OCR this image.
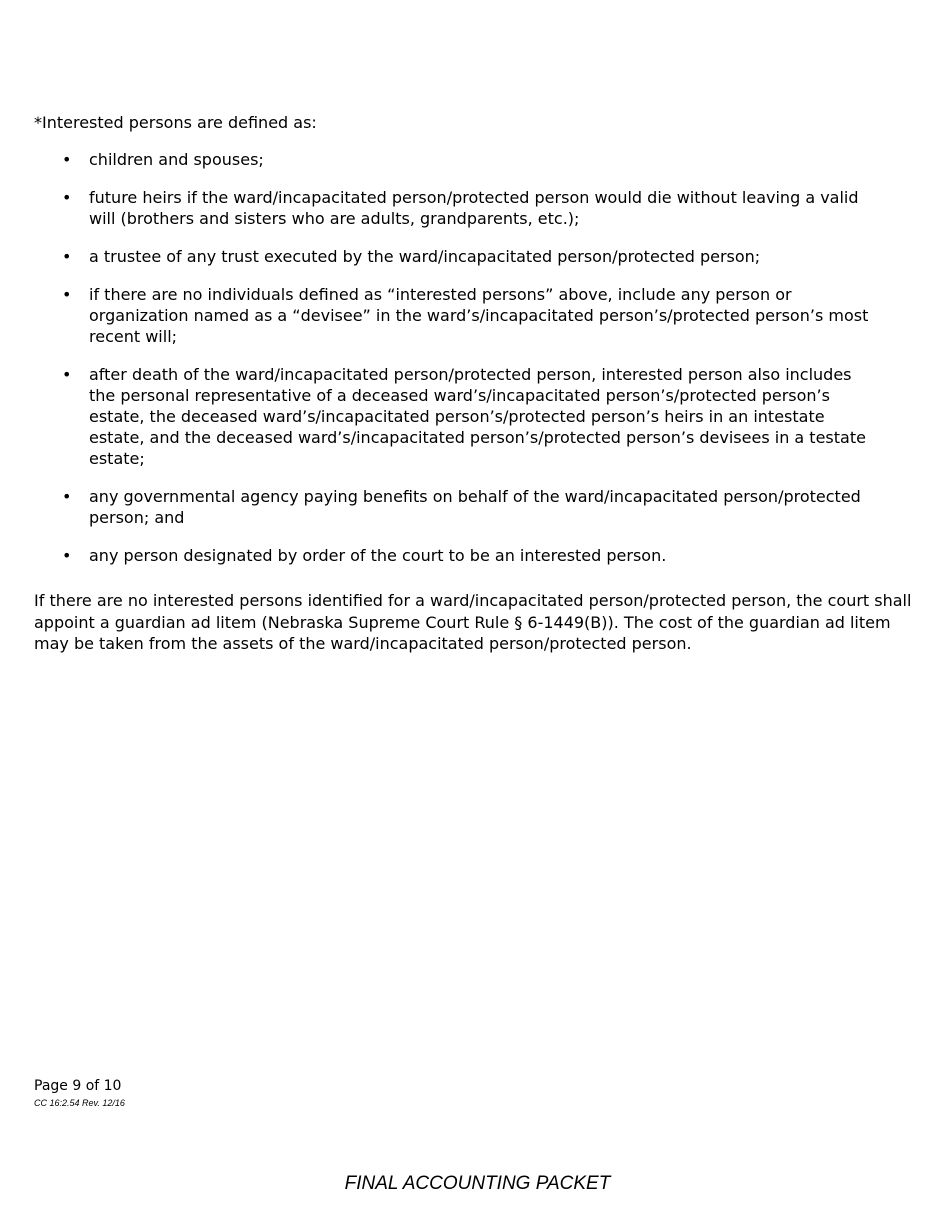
*Interested persons are defined as:

• children and spouses;
• future heirs if the ward/incapacitated person/protected person would die without leaving a valid will (brothers and sisters who are adults, grandparents, etc.);
• a trustee of any trust executed by the ward/incapacitated person/protected person;
• if there are no individuals defined as “interested persons” above, include any person or organization named as a “devisee” in the ward’s/incapacitated person’s/protected person’s most recent will;
• after death of the ward/incapacitated person/protected person, interested person also includes the personal representative of a deceased ward’s/incapacitated person’s/protected person’s estate, the deceased ward’s/incapacitated person’s/protected person’s heirs in an intestate estate, and the deceased ward’s/incapacitated person’s/protected person’s devisees in a testate estate;
• any governmental agency paying benefits on behalf of the ward/incapacitated person/protected person; and
• any person designated by order of the court to be an interested person.

If there are no interested persons identified for a ward/incapacitated person/protected person, the court shall appoint a guardian ad litem (Nebraska Supreme Court Rule § 6-1449(B)). The cost of the guardian ad litem may be taken from the assets of the ward/incapacitated person/protected person.

Page 9 of 10
CC 16:2.54 Rev. 12/16
FINAL ACCOUNTING PACKET
